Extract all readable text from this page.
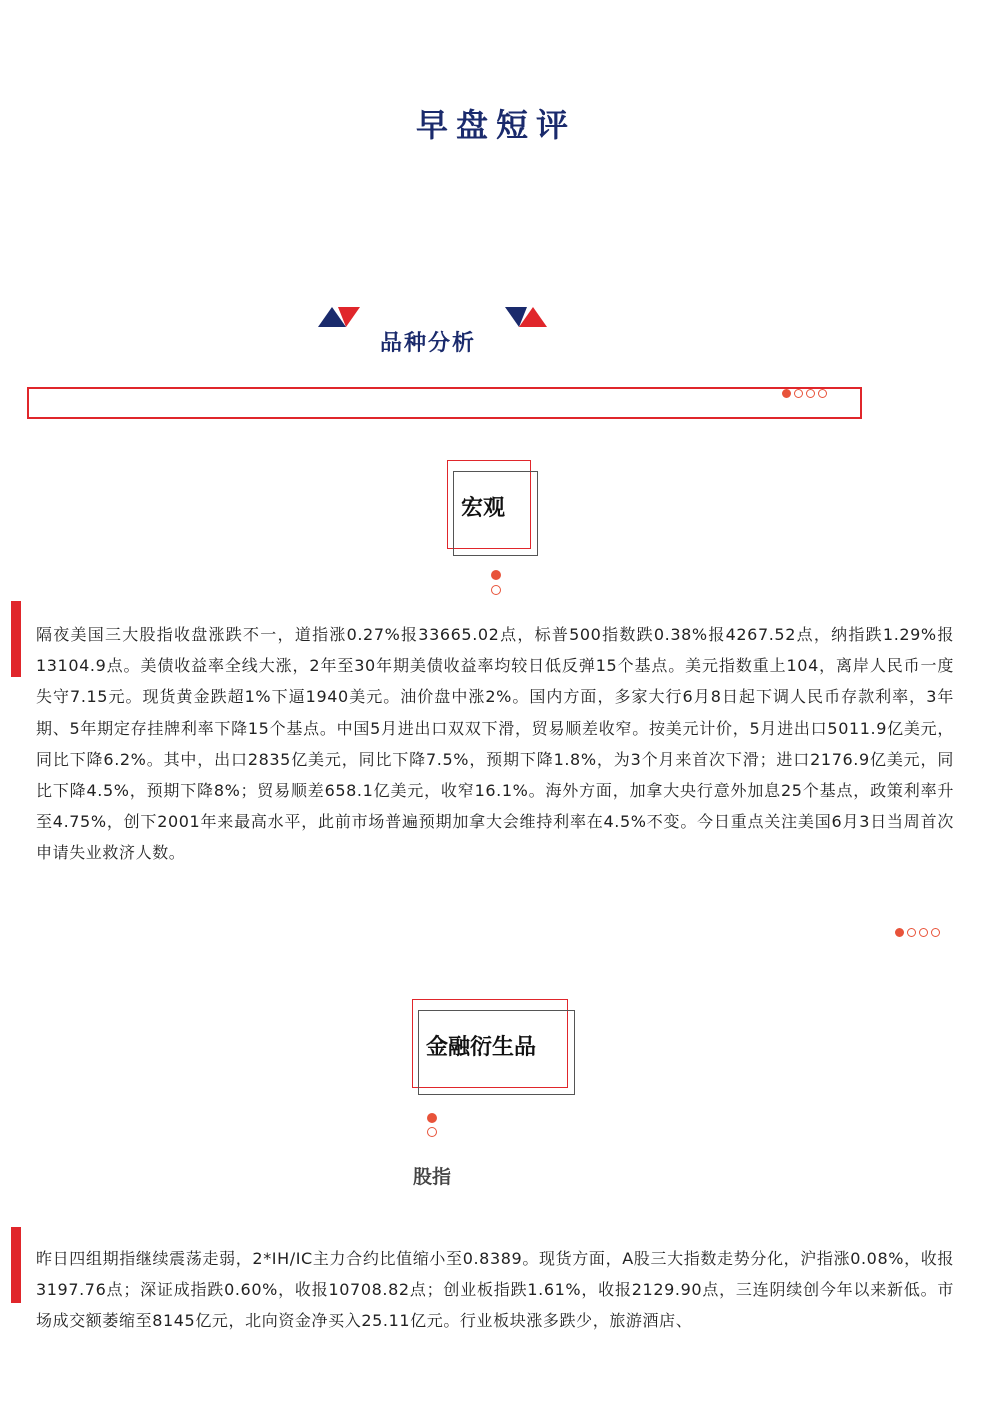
早盘短评
品种分析
宏观
隔夜美国三大股指收盘涨跌不一，道指涨0.27%报33665.02点，标普500指数跌0.38%报4267.52点，纳指跌1.29%报13104.9点。美债收益率全线大涨，2年至30年期美债收益率均较日低反弹15个基点。美元指数重上104，离岸人民币一度失守7.15元。现货黄金跌超1%下逼1940美元。油价盘中涨2%。国内方面，多家大行6月8日起下调人民币存款利率，3年期、5年期定存挂牌利率下降15个基点。中国5月进出口双双下滑，贸易顺差收窄。按美元计价，5月进出口5011.9亿美元，同比下降6.2%。其中，出口2835亿美元，同比下降7.5%，预期下降1.8%，为3个月来首次下滑；进口2176.9亿美元，同比下降4.5%，预期下降8%；贸易顺差658.1亿美元，收窄16.1%。海外方面，加拿大央行意外加息25个基点，政策利率升至4.75%，创下2001年来最高水平，此前市场普遍预期加拿大会维持利率在4.5%不变。今日重点关注美国6月3日当周首次申请失业救济人数。
金融衍生品
股指
昨日四组期指继续震荡走弱，2*IH/IC主力合约比值缩小至0.8389。现货方面，A股三大指数走势分化，沪指涨0.08%，收报3197.76点；深证成指跌0.60%，收报10708.82点；创业板指跌1.61%，收报2129.90点，三连阴续创今年以来新低。市场成交额萎缩至8145亿元，北向资金净买入25.11亿元。行业板块涨多跌少，旅游酒店、
